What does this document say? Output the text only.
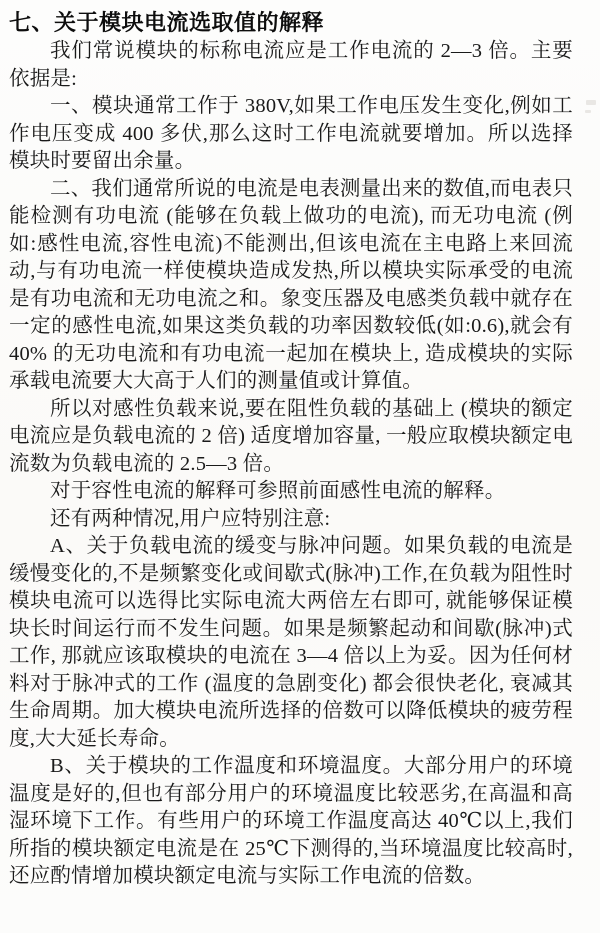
七、关于模块电流选取值的解释

我们常说模块的标称电流应是工作电流的 2—3 倍。主要依据是:

一、模块通常工作于 380V,如果工作电压发生变化,例如工作电压变成 400 多伏,那么这时工作电流就要增加。所以选择模块时要留出余量。

二、我们通常所说的电流是电表测量出来的数值,而电表只能检测有功电流 (能够在负载上做功的电流), 而无功电流 (例如:感性电流,容性电流)不能测出,但该电流在主电路上来回流动,与有功电流一样使模块造成发热,所以模块实际承受的电流是有功电流和无功电流之和。象变压器及电感类负载中就存在一定的感性电流,如果这类负载的功率因数较低(如:0.6),就会有 40% 的无功电流和有功电流一起加在模块上, 造成模块的实际承载电流要大大高于人们的测量值或计算值。

所以对感性负载来说,要在阻性负载的基础上 (模块的额定电流应是负载电流的 2 倍) 适度增加容量, 一般应取模块额定电流数为负载电流的 2.5—3 倍。

对于容性电流的解释可参照前面感性电流的解释。

还有两种情况,用户应特别注意:

A、关于负载电流的缓变与脉冲问题。如果负载的电流是缓慢变化的,不是频繁变化或间歇式(脉冲)工作,在负载为阻性时模块电流可以选得比实际电流大两倍左右即可, 就能够保证模块长时间运行而不发生问题。如果是频繁起动和间歇(脉冲)式工作, 那就应该取模块的电流在 3—4 倍以上为妥。因为任何材料对于脉冲式的工作 (温度的急剧变化) 都会很快老化, 衰减其生命周期。加大模块电流所选择的倍数可以降低模块的疲劳程度,大大延长寿命。

B、关于模块的工作温度和环境温度。大部分用户的环境温度是好的,但也有部分用户的环境温度比较恶劣,在高温和高湿环境下工作。有些用户的环境工作温度高达 40℃以上,我们所指的模块额定电流是在 25℃下测得的,当环境温度比较高时,还应酌情增加模块额定电流与实际工作电流的倍数。
